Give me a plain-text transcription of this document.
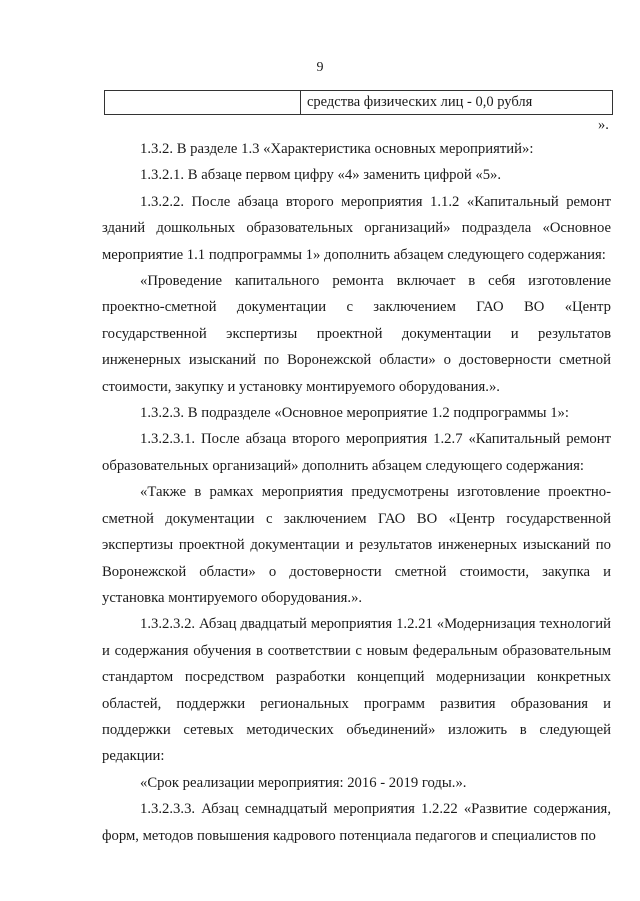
9
средства физических лиц - 0,0 рубля
».

1.3.2. В разделе 1.3 «Характеристика основных мероприятий»:

1.3.2.1. В абзаце первом цифру «4» заменить цифрой «5».

1.3.2.2. После абзаца второго мероприятия 1.1.2 «Капитальный ремонт зданий дошкольных образовательных организаций» подраздела «Основное мероприятие 1.1 подпрограммы 1» дополнить абзацем следующего содержания:

«Проведение капитального ремонта включает в себя изготовление проектно-сметной документации с заключением ГАО ВО «Центр государственной экспертизы проектной документации и результатов инженерных изысканий по Воронежской области» о достоверности сметной стоимости, закупку и установку монтируемого оборудования.».

1.3.2.3. В подразделе «Основное мероприятие 1.2 подпрограммы 1»:

1.3.2.3.1. После абзаца второго мероприятия 1.2.7 «Капитальный ремонт образовательных организаций» дополнить абзацем следующего содержания:

«Также в рамках мероприятия предусмотрены изготовление проектно-сметной документации с заключением ГАО ВО «Центр государственной экспертизы проектной документации и результатов инженерных изысканий по Воронежской области» о достоверности сметной стоимости, закупка и установка монтируемого оборудования.».

1.3.2.3.2. Абзац двадцатый мероприятия 1.2.21 «Модернизация технологий и содержания обучения в соответствии с новым федеральным образовательным стандартом посредством разработки концепций модернизации конкретных областей, поддержки региональных программ развития образования и поддержки сетевых методических объединений» изложить в следующей редакции:

«Срок реализации мероприятия: 2016 - 2019 годы.».

1.3.2.3.3. Абзац семнадцатый мероприятия 1.2.22 «Развитие содержания, форм, методов повышения кадрового потенциала педагогов и специалистов по
